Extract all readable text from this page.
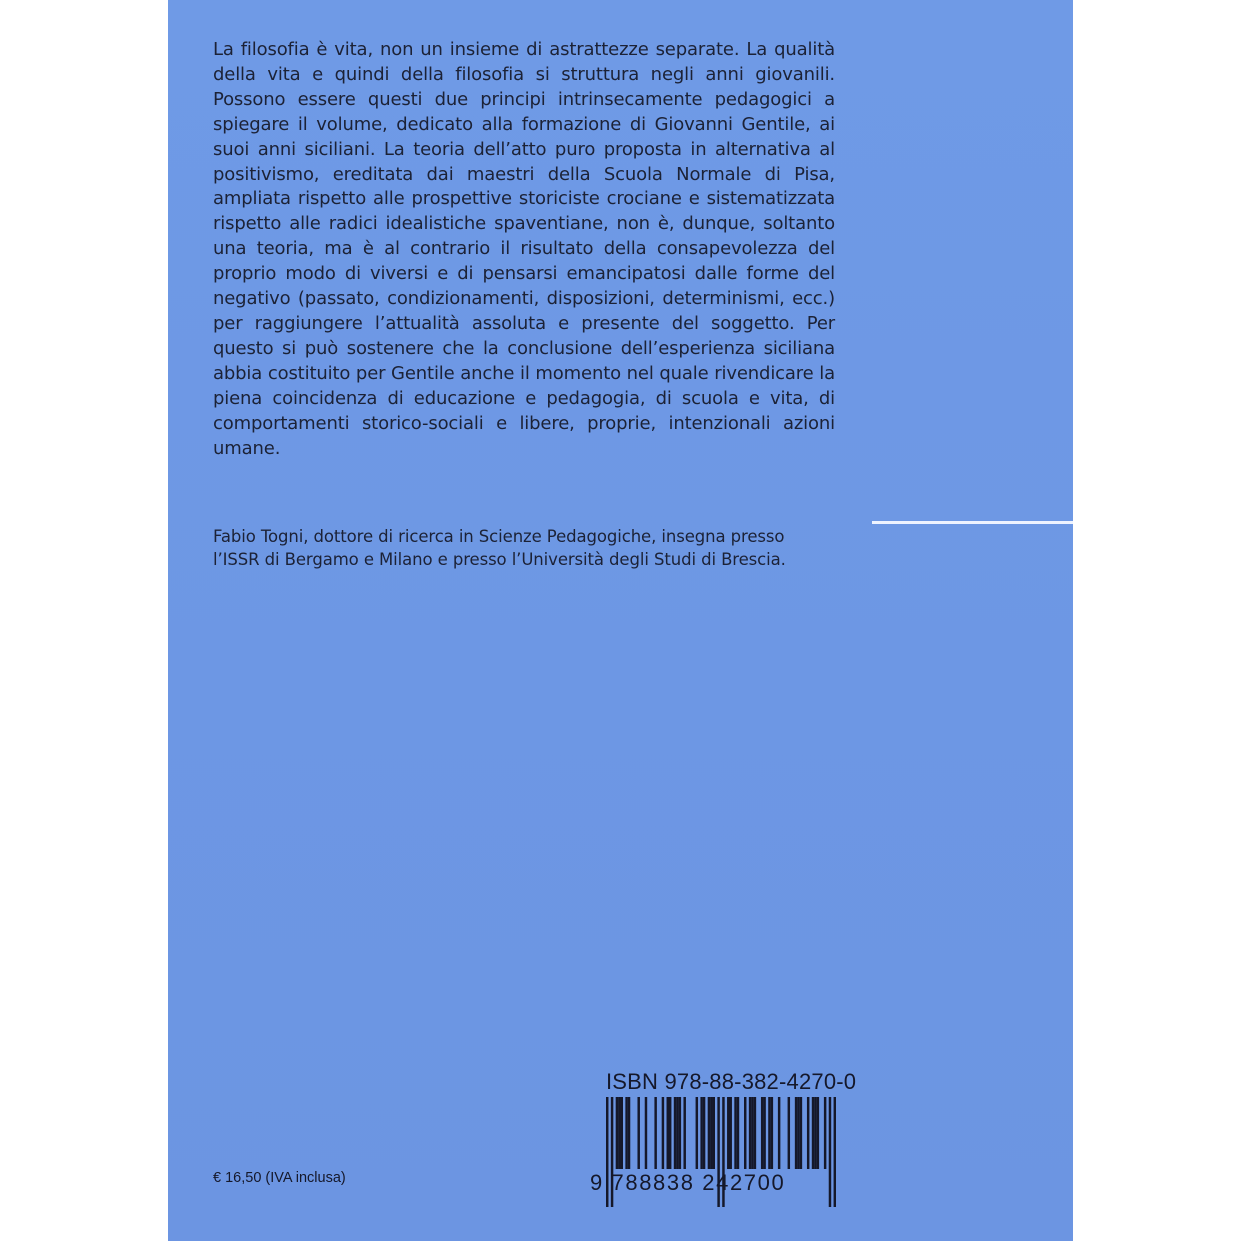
La filosofia è vita, non un insieme di astrattezze separate. La qualità della vita e quindi della filosofia si struttura negli anni giovanili. Possono essere questi due principi intrinsecamente pedagogici a spiegare il volume, dedicato alla formazione di Giovanni Gentile, ai suoi anni siciliani. La teoria dell’atto puro proposta in alternativa al positivismo, ereditata dai maestri della Scuola Normale di Pisa, ampliata rispetto alle prospettive storiciste crociane e sistematizzata rispetto alle radici idealistiche spaventiane, non è, dunque, soltanto una teoria, ma è al contrario il risultato della consapevolezza del proprio modo di viversi e di pensarsi emancipatosi dalle forme del negativo (passato, condizionamenti, disposizioni, determinismi, ecc.) per raggiungere l’attualità assoluta e presente del soggetto. Per questo si può sostenere che la conclusione dell’esperienza siciliana abbia costituito per Gentile anche il momento nel quale rivendicare la piena coincidenza di educazione e pedagogia, di scuola e vita, di comportamenti storico-sociali e libere, proprie, intenzionali azioni umane.

Fabio Togni, dottore di ricerca in Scienze Pedagogiche, insegna presso
l’ISSR di Bergamo e Milano e presso l’Università degli Studi di Brescia.

ISBN 978-88-382-4270-0
9 788838 242700
€ 16,50 (IVA inclusa)
